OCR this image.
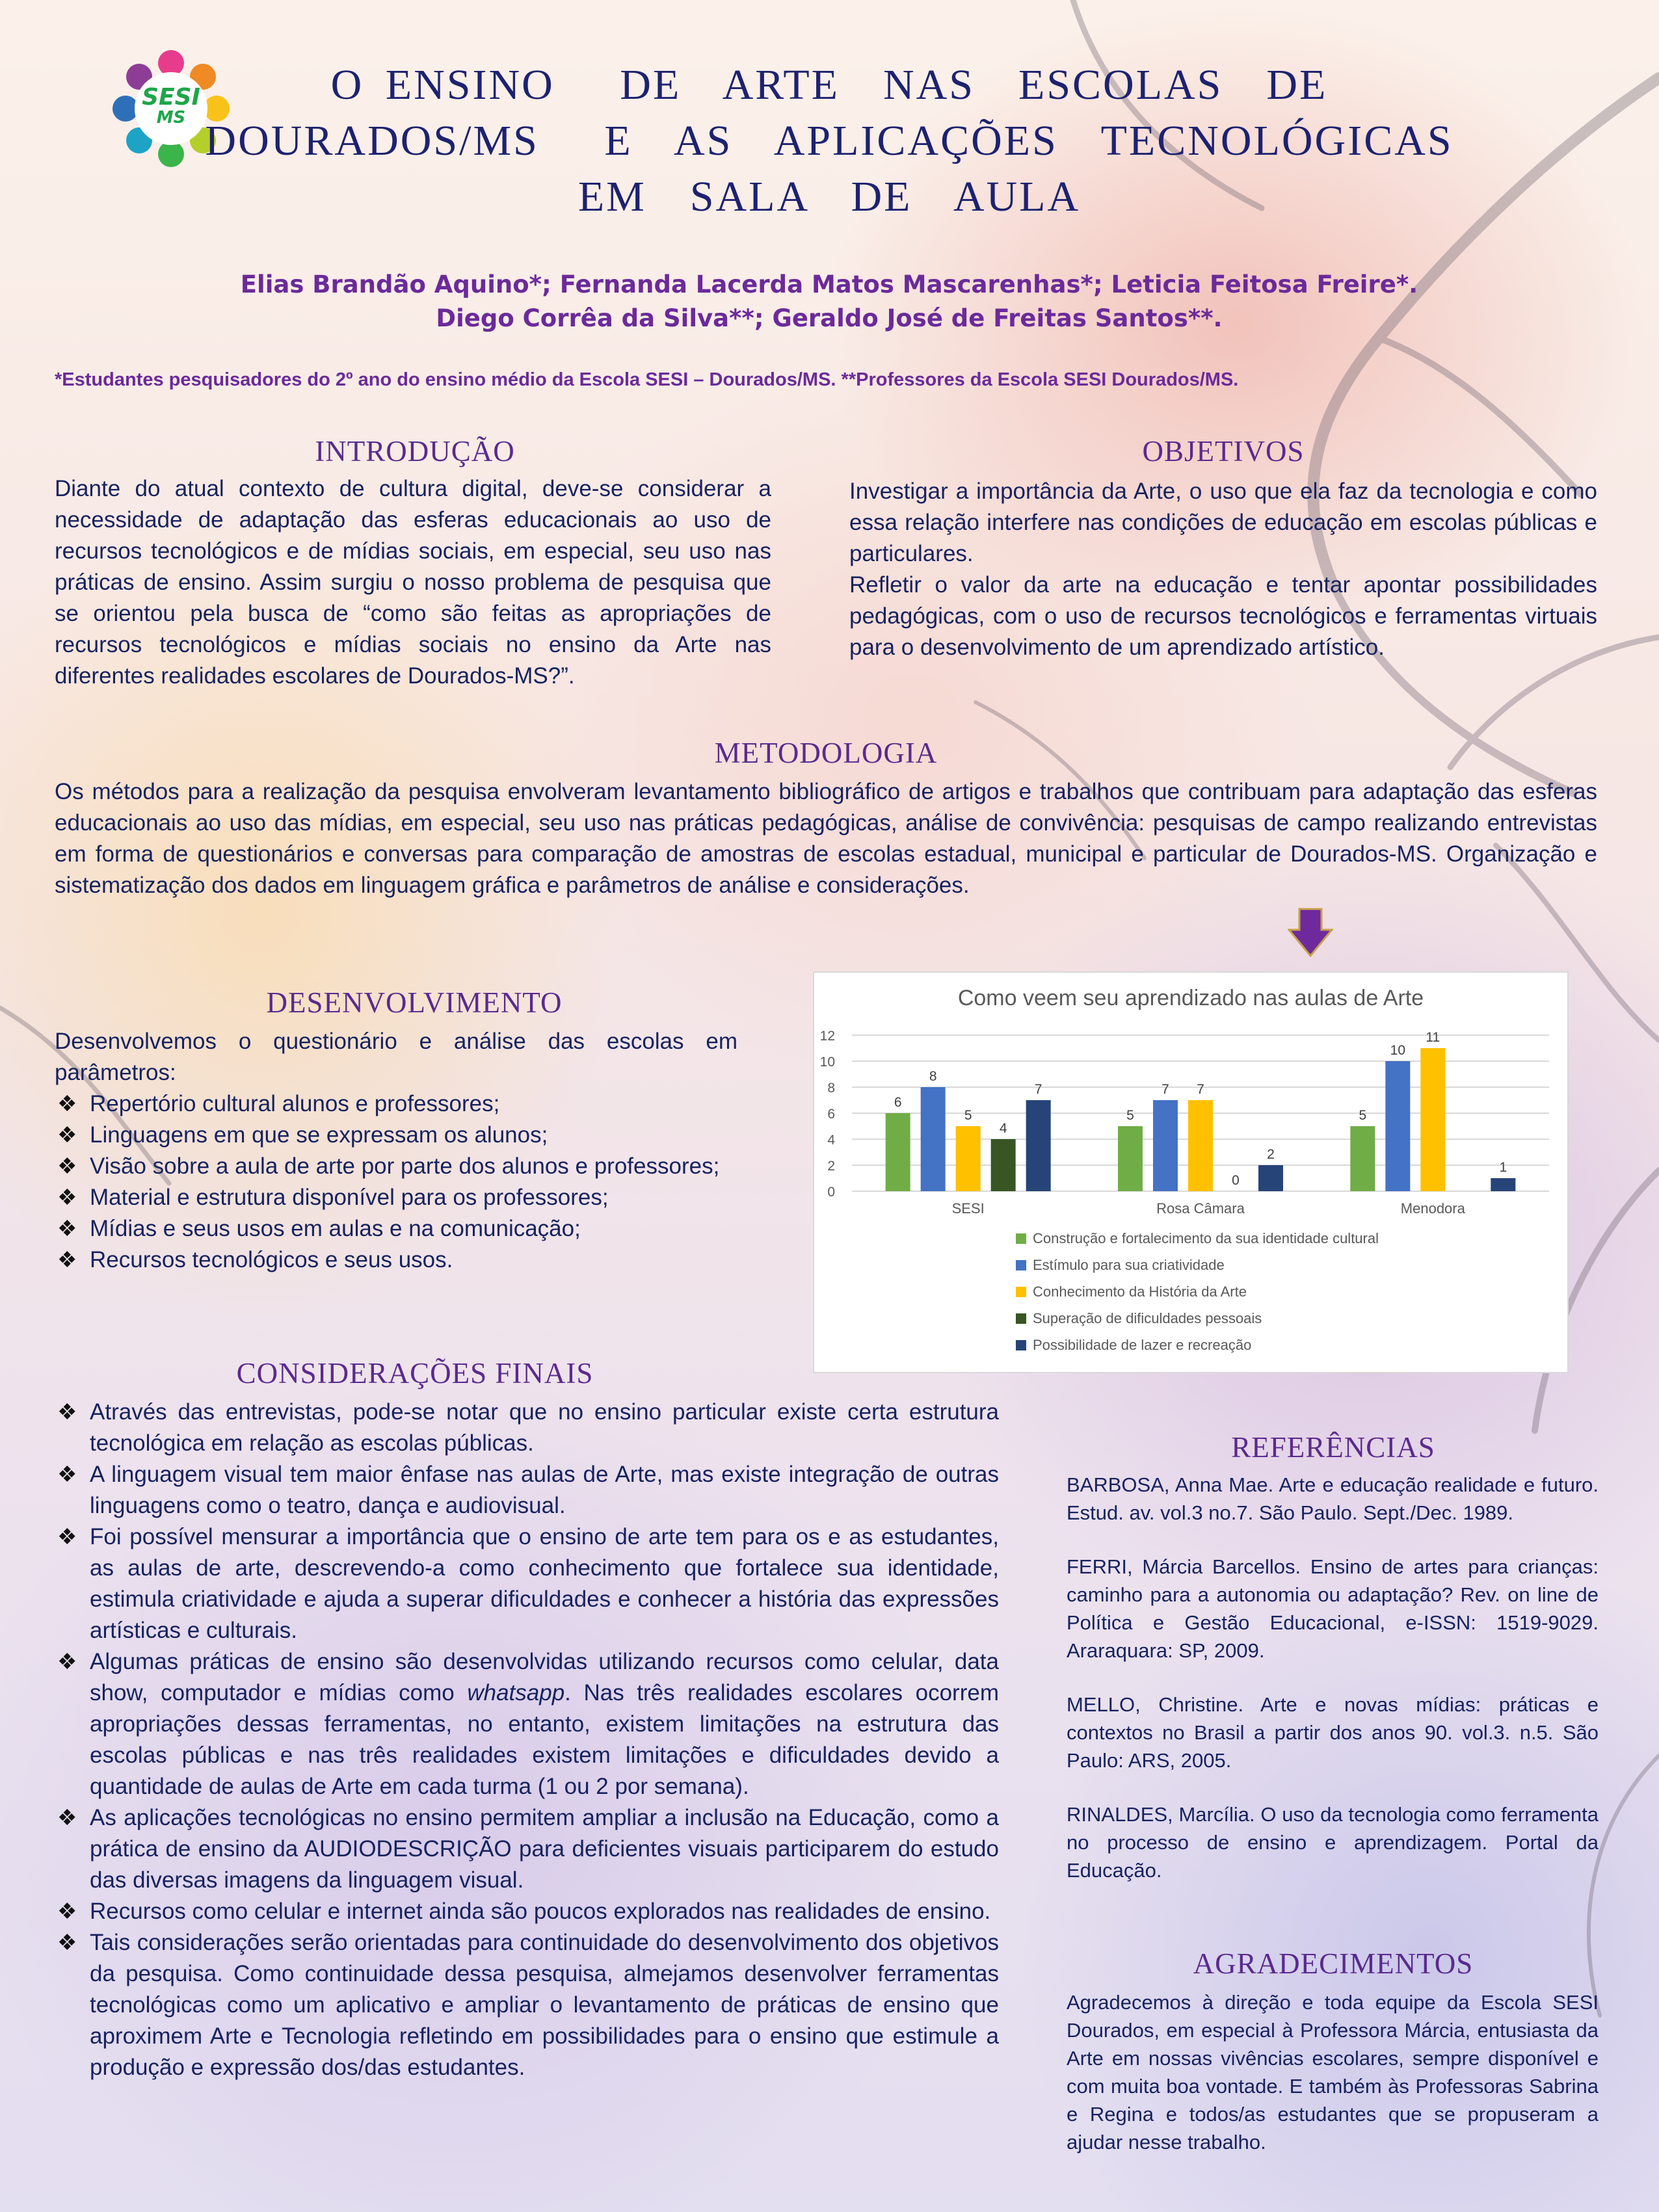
SESI
MS
O ENSINO   DE  ARTE  NAS  ESCOLAS  DE
DOURADOS/MS   E  AS  APLICAÇÕES  TECNOLÓGICAS
EM  SALA  DE  AULA
Elias Brandão Aquino*; Fernanda Lacerda Matos Mascarenhas*; Leticia Feitosa Freire*.
Diego Corrêa da Silva**; Geraldo José de Freitas Santos**.
*Estudantes pesquisadores do 2º ano do ensino médio da Escola SESI – Dourados/MS. **Professores da Escola SESI Dourados/MS.
INTRODUÇÃO
Diante do atual contexto de cultura digital, deve-se considerar a necessidade de adaptação das esferas educacionais ao uso de recursos tecnológicos e de mídias sociais, em especial, seu uso nas práticas de ensino. Assim surgiu o nosso problema de pesquisa que se orientou pela busca de “como são feitas as apropriações de recursos tecnológicos e mídias sociais no ensino da Arte nas diferentes realidades escolares de Dourados-MS?”.
OBJETIVOS

Investigar a importância da Arte, o uso que ela faz da tecnologia e como essa relação interfere nas condições de educação em escolas públicas e particulares.

Refletir o valor da arte na educação e tentar apontar possibilidades pedagógicas, com o uso de recursos tecnológicos e ferramentas virtuais para o desenvolvimento de um aprendizado artístico.

METODOLOGIA
Os métodos para a realização da pesquisa envolveram levantamento bibliográfico de artigos e trabalhos que contribuam para adaptação das esferas educacionais ao uso das mídias, em especial, seu uso nas práticas pedagógicas, análise de convivência: pesquisas de campo realizando entrevistas em forma de questionários e conversas para comparação de amostras de escolas estadual, municipal e particular de Dourados-MS. Organização e sistematização dos dados em linguagem gráfica e parâmetros de análise e considerações.
DESENVOLVIMENTO

Desenvolvemos o questionário e análise das escolas em parâmetros:

❖ Repertório cultural alunos e professores;
❖ Linguagens em que se expressam os alunos;
❖ Visão sobre a aula de arte por parte dos alunos e professores;
❖ Material e estrutura disponível para os professores;
❖ Mídias e seus usos em aulas e na comunicação;
❖ Recursos tecnológicos e seus usos.
Como veem seu aprendizado nas aulas de Arte
0
2
4
6
8
10
12
6
8
5
4
7
SESI
5
7 7
0
2
Rosa Câmara
5
10
11
1
Menodora
Construção e fortalecimento da sua identidade cultural
Estímulo para sua criatividade
Conhecimento da História da Arte
Superação de dificuldades pessoais
Possibilidade de lazer e recreação
CONSIDERAÇÕES FINAIS
❖ Através das entrevistas, pode-se notar que no ensino particular existe certa estrutura tecnológica em relação as escolas públicas.
❖ A linguagem visual tem maior ênfase nas aulas de Arte, mas existe integração de outras linguagens como o teatro, dança e audiovisual.
❖ Foi possível mensurar a importância que o ensino de arte tem para os e as estudantes, as aulas de arte, descrevendo-a como conhecimento que fortalece sua identidade, estimula criatividade e ajuda a superar dificuldades e conhecer a história das expressões artísticas e culturais.
❖ Algumas práticas de ensino são desenvolvidas utilizando recursos como celular, data show, computador e mídias como whatsapp. Nas três realidades escolares ocorrem apropriações dessas ferramentas, no entanto, existem limitações na estrutura das escolas públicas e nas três realidades existem limitações e dificuldades devido a quantidade de aulas de Arte em cada turma (1 ou 2 por semana).
❖ As aplicações tecnológicas no ensino permitem ampliar a inclusão na Educação, como a prática de ensino da AUDIODESCRIÇÃO para deficientes visuais participarem do estudo das diversas imagens da linguagem visual.
❖ Recursos como celular e internet ainda são poucos explorados nas realidades de ensino.
❖ Tais considerações serão orientadas para continuidade do desenvolvimento dos objetivos da pesquisa. Como continuidade dessa pesquisa, almejamos desenvolver ferramentas tecnológicas como um aplicativo e ampliar o levantamento de práticas de ensino que aproximem Arte e Tecnologia refletindo em possibilidades para o ensino que estimule a produção e expressão dos/das estudantes.
REFERÊNCIAS

BARBOSA, Anna Mae. Arte e educação realidade e futuro. Estud. av. vol.3 no.7. São Paulo. Sept./Dec. 1989.

FERRI, Márcia Barcellos. Ensino de artes para crianças: caminho para a autonomia ou adaptação? Rev. on line de Política e Gestão Educacional, e-ISSN: 1519-9029. Araraquara: SP, 2009.

MELLO, Christine. Arte e novas mídias: práticas e contextos no Brasil a partir dos anos 90. vol.3. n.5. São Paulo: ARS, 2005.

RINALDES, Marcília. O uso da tecnologia como ferramenta no processo de ensino e aprendizagem. Portal da Educação.

AGRADECIMENTOS
Agradecemos à direção e toda equipe da Escola SESI Dourados, em especial à Professora Márcia, entusiasta da Arte em nossas vivências escolares, sempre disponível e com muita boa vontade. E também às Professoras Sabrina e Regina e todos/as estudantes que se propuseram a ajudar nesse trabalho.
